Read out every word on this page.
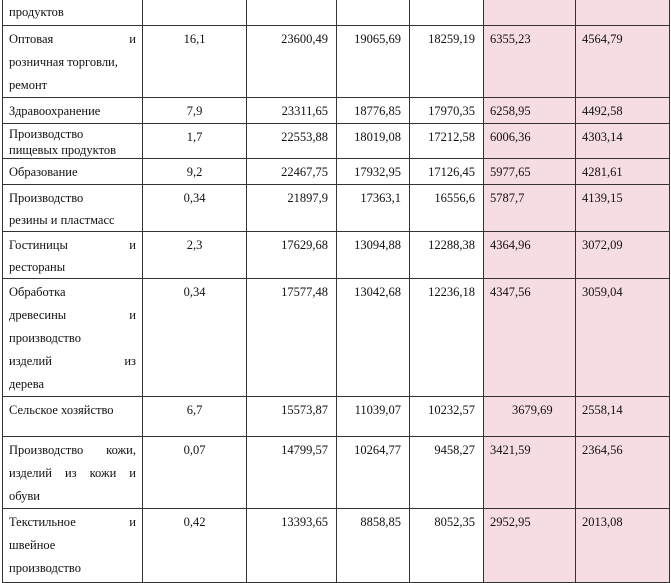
продуктов						

Оптовая и
розничная торговли,
ремонт	16,1	23600,49	19065,69	18259,19	6355,23	4564,79

Здравоохранение	7,9	23311,65	18776,85	17970,35	6258,95	4492,58

Производство
пищевых продуктов	1,7	22553,88	18019,08	17212,58	6006,36	4303,14

Образование	9,2	22467,75	17932,95	17126,45	5977,65	4281,61

Производство
резины и пластмасс	0,34	21897,9	17363,1	16556,6	5787,7	4139,15

Гостиницы и
рестораны	2,3	17629,68	13094,88	12288,38	4364,96	3072,09

Обработка
древесины и
производство
изделий из
дерева	0,34	17577,48	13042,68	12236,18	4347,56	3059,04

Сельское хозяйство	6,7	15573,87	11039,07	10232,57	3679,69	2558,14

Производство кожи,
изделий из кожи и
обуви	0,07	14799,57	10264,77	9458,27	3421,59	2364,56

Текстильное и
швейное
производство	0,42	13393,65	8858,85	8052,35	2952,95	2013,08
